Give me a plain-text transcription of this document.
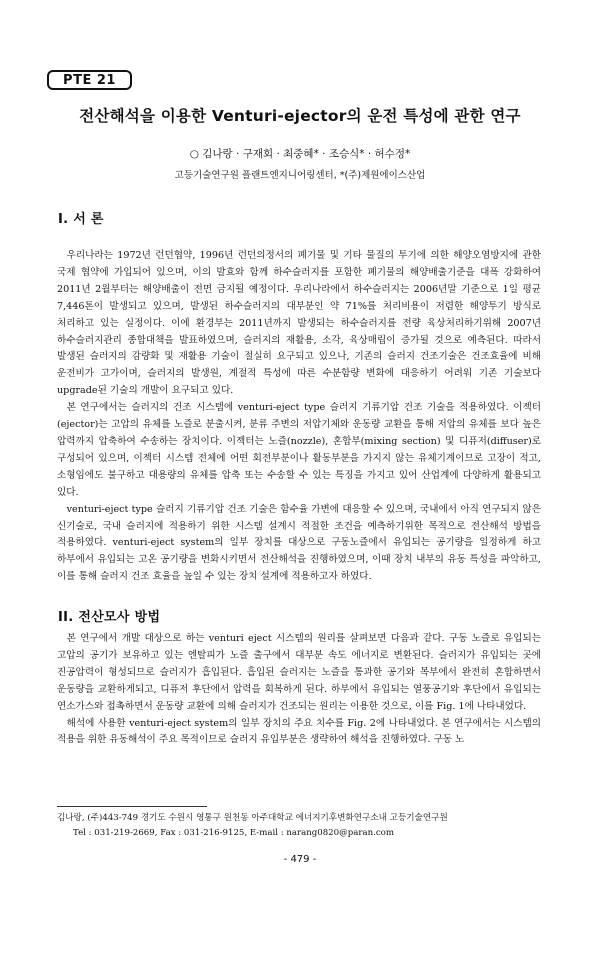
PTE 21
전산해석을 이용한 Venturi-ejector의 운전 특성에 관한 연구
○ 김나랑 · 구재회 · 최중혜* · 조승식* · 허수정*
고등기술연구원 플랜트엔지니어링센터, *(주)제원에이스산업
I. 서 론

우리나라는 1972년 런던협약, 1996년 런던의정서의 폐기물 및 기타 물질의 투기에 의한 해양오염방지에 관한 국제 협약에 가입되어 있으며, 이의 발효와 함께 하수슬러지를 포함한 폐기물의 해양배출기준을 대폭 강화하여 2011년 2월부터는 해양배출이 전면 금지될 예정이다. 우리나라에서 하수슬러지는 2006년말 기준으로 1일 평균 7,446톤이 발생되고 있으며, 발생된 하수슬러지의 대부분인 약 71%를 처리비용이 저렴한 해양투기 방식로 처리하고 있는 실정이다. 이에 환경부는 2011년까지 발생되는 하수슬러지를 전량 육상처리하기위해 2007년 하수슬러지관리 종합대책을 발표하였으며, 슬러지의 재활용, 소각, 육상매립이 증가될 것으로 예측된다. 따라서 발생된 슬러지의 감량화 및 재활용 기술이 절실히 요구되고 있으나, 기존의 슬러지 건조기술은 건조효율에 비해 운전비가 고가이며, 슬러지의 발생원, 계절적 특성에 따른 수분함량 변화에 대응하기 어려워 기존 기술보다 upgrade된 기술의 개발이 요구되고 있다.

본 연구에서는 슬러지의 건조 시스템에 venturi-eject type 슬러지 기류기압 건조 기술을 적용하였다. 이젝터(ejector)는 고압의 유체를 노즐로 분출시켜, 분류 주변의 저압기체와 운동량 교환을 통해 저압의 유체를 보다 높은 압력까지 압축하여 수송하는 장치이다. 이젝터는 노즐(nozzle), 혼합부(mixing section) 및 디퓨저(diffuser)로 구성되어 있으며, 이젝터 시스템 전체에 어떤 회전부분이나 활동부분을 가지지 않는 유체기계이므로 고장이 적고, 소형임에도 불구하고 대용량의 유체를 압축 또는 수송할 수 있는 특징을 가지고 있어 산업계에 다양하게 활용되고 있다.

venturi-eject type 슬러지 기류기압 건조 기술은 함수율 가변에 대응할 수 있으며, 국내에서 아직 연구되지 않은 신기술로, 국내 슬러지에 적용하기 위한 시스템 설계시 적절한 조건을 예측하기위한 목적으로 전산해석 방법을 적용하였다. venturi-eject system의 일부 장치를 대상으로 구동노즐에서 유입되는 공기량을 일정하게 하고 하부에서 유입되는 고온 공기량을 변화시키면서 전산해석을 진행하였으며, 이때 장치 내부의 유동 특성을 파악하고, 이를 통해 슬러지 건조 효율을 높일 수 있는 장치 설계에 적용하고자 하였다.

II. 전산모사 방법

본 연구에서 개발 대상으로 하는 venturi eject 시스템의 원리를 살펴보면 다음과 같다. 구동 노즐로 유입되는 고압의 공기가 보유하고 있는 엔탈피가 노즐 출구에서 대부분 속도 에너지로 변환된다. 슬러지가 유입되는 곳에 진공압력이 형성되므로 슬러지가 흡입된다. 흡입된 슬러지는 노즐을 통과한 공기와 목부에서 완전히 혼합하면서 운동량을 교환하게되고, 디퓨저 후단에서 압력을 회복하게 된다. 하부에서 유입되는 열풍공기와 후단에서 유입되는 연소가스와 접촉하면서 운동량 교환에 의해 슬러지가 건조되는 원리는 이용한 것으로, 이를 Fig. 1에 나타내었다.

해석에 사용한 venturi-eject system의 일부 장치의 주요 치수를 Fig. 2에 나타내었다. 본 연구에서는 시스템의 적용을 위한 유동해석이 주요 목적이므로 슬러지 유입부분은 생략하여 해석을 진행하였다. 구동 노

김나랑, (주)443-749 경기도 수원시 영통구 원천동 아주대학교 에너지기후변화연구소내 고등기술연구원
Tel : 031-219-2669, Fax : 031-216-9125, E-mail : narang0820@paran.com
- 479 -
